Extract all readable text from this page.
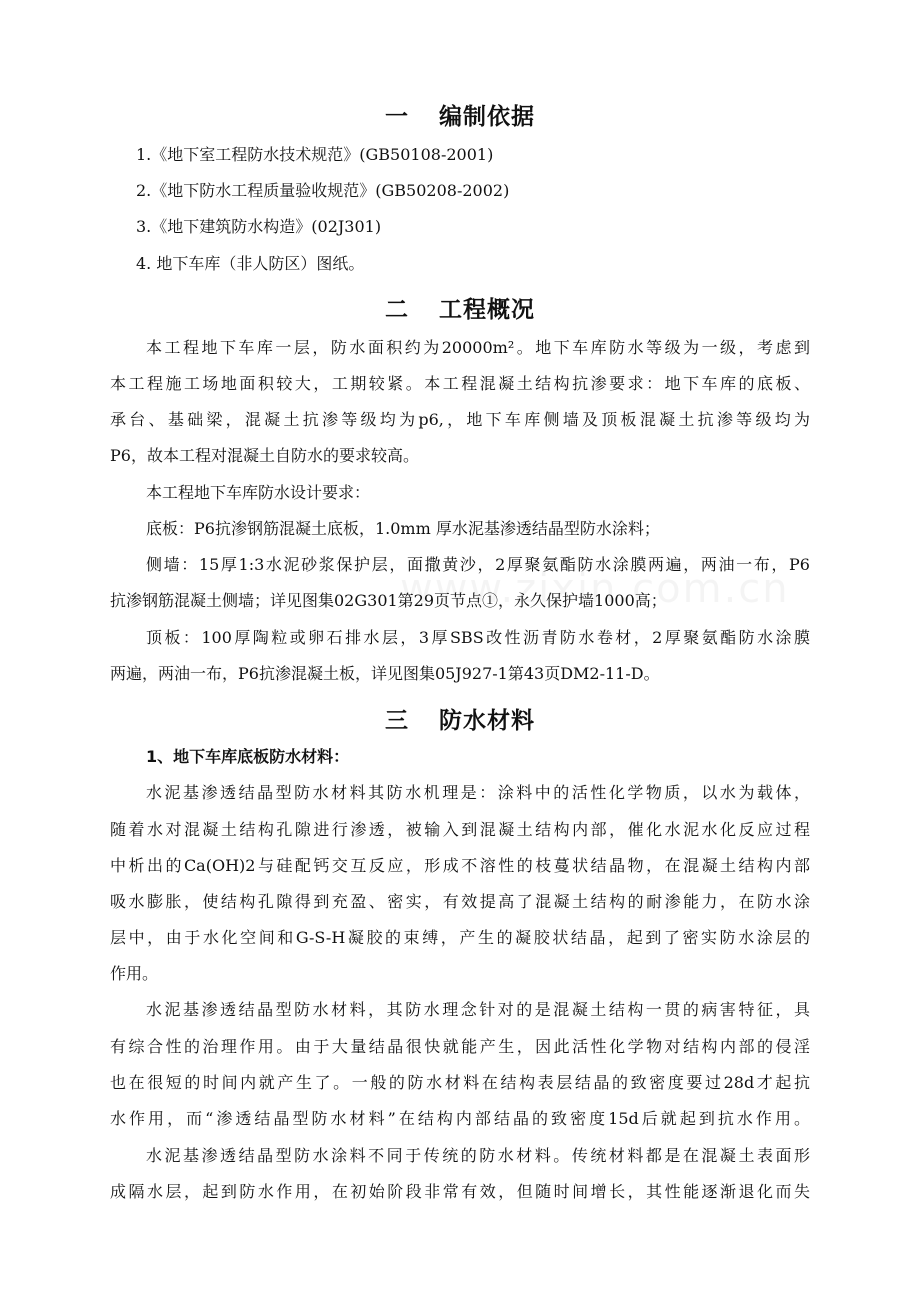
一 编制依据

1.《地下室工程防水技术规范》(GB50108-2001)

2.《地下防水工程质量验收规范》(GB50208-2002)

3.《地下建筑防水构造》(02J301)

4. 地下车库（非人防区）图纸。

二 工程概况

本工程地下车库一层，防水面积约为20000m²。地下车库防水等级为一级，考虑到

本工程施工场地面积较大，工期较紧。本工程混凝土结构抗渗要求：地下车库的底板、

承台、基础梁，混凝土抗渗等级均为p6,，地下车库侧墙及顶板混凝土抗渗等级均为

P6，故本工程对混凝土自防水的要求较高。

本工程地下车库防水设计要求：

底板：P6抗渗钢筋混凝土底板，1.0mm 厚水泥基渗透结晶型防水涂料；

侧墙：15厚1:3水泥砂浆保护层，面撒黄沙，2厚聚氨酯防水涂膜两遍，两油一布，P6

抗渗钢筋混凝土侧墙；详见图集02G301第29页节点①，永久保护墙1000高；

顶板：100厚陶粒或卵石排水层，3厚SBS改性沥青防水卷材，2厚聚氨酯防水涂膜

两遍，两油一布，P6抗渗混凝土板，详见图集05J927-1第43页DM2-11-D。

三 防水材料

1、地下车库底板防水材料：

水泥基渗透结晶型防水材料其防水机理是：涂料中的活性化学物质，以水为载体，

随着水对混凝土结构孔隙进行渗透，被输入到混凝土结构内部，催化水泥水化反应过程

中析出的Ca(OH)2与硅配钙交互反应，形成不溶性的枝蔓状结晶物，在混凝土结构内部

吸水膨胀，使结构孔隙得到充盈、密实，有效提高了混凝土结构的耐渗能力，在防水涂

层中，由于水化空间和G-S-H凝胶的束缚，产生的凝胶状结晶，起到了密实防水涂层的

作用。

水泥基渗透结晶型防水材料，其防水理念针对的是混凝土结构一贯的病害特征，具

有综合性的治理作用。由于大量结晶很快就能产生，因此活性化学物对结构内部的侵淫

也在很短的时间内就产生了。一般的防水材料在结构表层结晶的致密度要过28d才起抗

水作用，而“渗透结晶型防水材料”在结构内部结晶的致密度15d后就起到抗水作用。

水泥基渗透结晶型防水涂料不同于传统的防水材料。传统材料都是在混凝土表面形

成隔水层，起到防水作用，在初始阶段非常有效，但随时间增长，其性能逐渐退化而失
